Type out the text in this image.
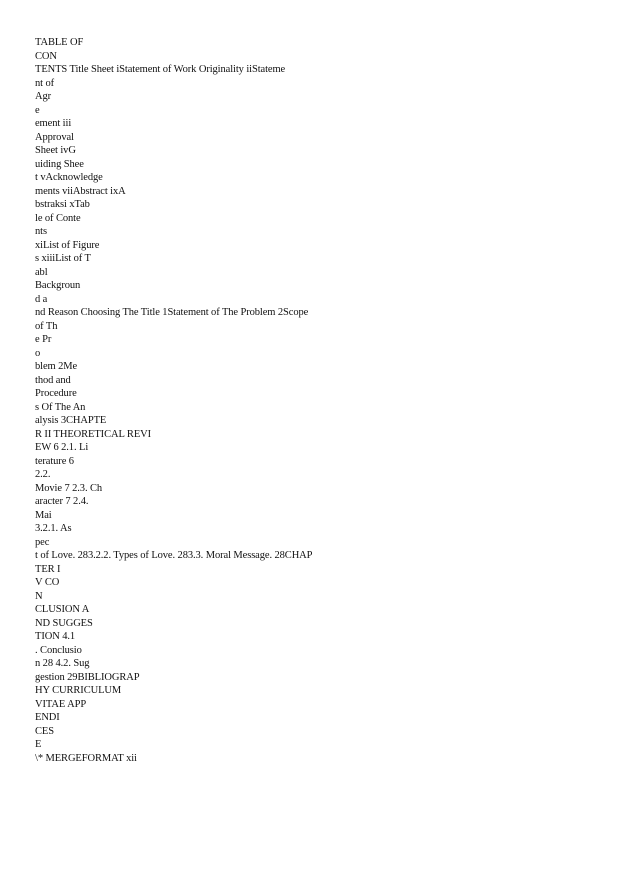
TABLE OF
CON
TENTS Title Sheet iStatement of Work Originality iiStateme
nt of
Agr
e
ement iii
Approval
Sheet ivG
uiding Shee
t vAcknowledge
ments viiAbstract ixA
bstraksi xTab
le of Conte
nts
xiList of Figure
s xiiiList of T
abl
Backgroun
d a
nd Reason Choosing The Title 1Statement of The Problem 2Scope
of Th
e Pr
o
blem 2Me
thod and
Procedure
s Of The An
alysis 3CHAPTE
R II THEORETICAL REVI
EW 6 2.1. Li
terature 6
2.2.
Movie 7 2.3. Ch
aracter 7 2.4.
Mai
3.2.1. As
pec
t of Love. 283.2.2. Types of Love. 283.3. Moral Message. 28CHAP
TER I
V CO
N
CLUSION A
ND SUGGES
TION 4.1
. Conclusio
n 28 4.2. Sug
gestion 29BIBLIOGRAP
HY CURRICULUM
VITAE APP
ENDI
CES
E
\* MERGEFORMAT xii
